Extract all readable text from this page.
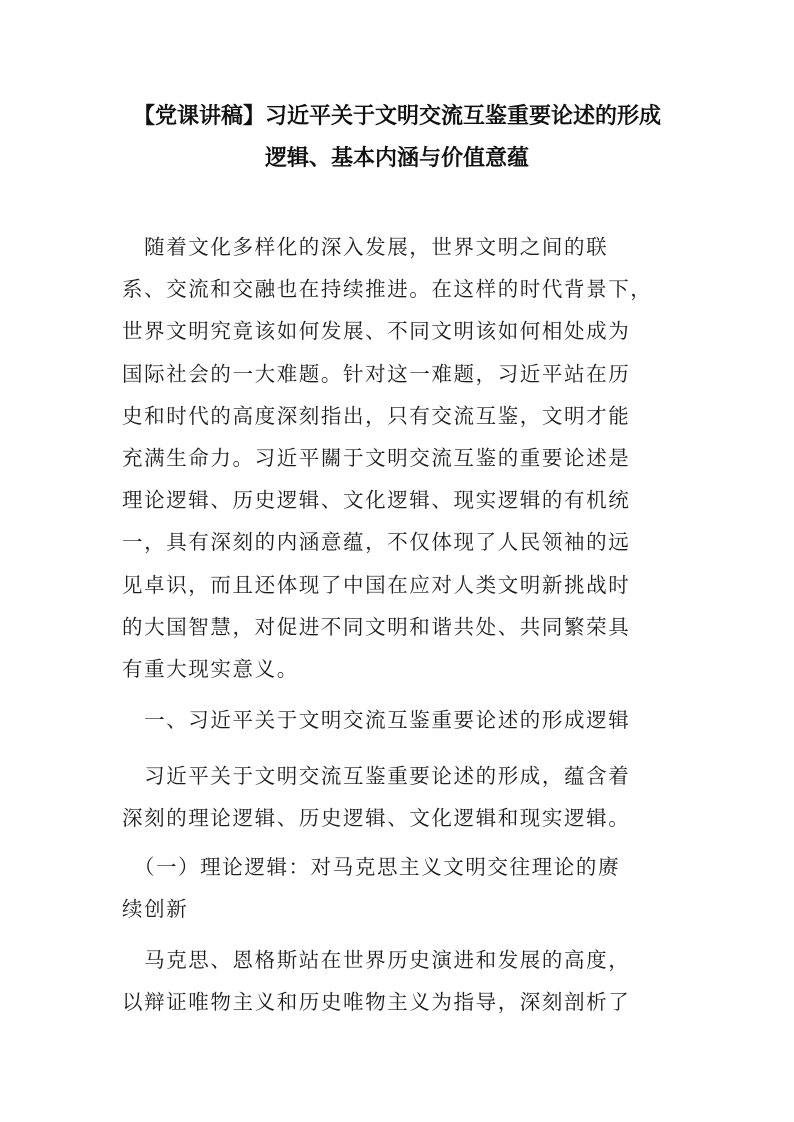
【党课讲稿】习近平关于文明交流互鉴重要论述的形成
逻辑、基本内涵与价值意蕴
　随着文化多样化的深入发展，世界文明之间的联
系、交流和交融也在持续推进。在这样的时代背景下，
世界文明究竟该如何发展、不同文明该如何相处成为
国际社会的一大难题。针对这一难题，习近平站在历
史和时代的高度深刻指出，只有交流互鉴，文明才能
充满生命力。习近平關于文明交流互鉴的重要论述是
理论逻辑、历史逻辑、文化逻辑、现实逻辑的有机统
一，具有深刻的内涵意蕴，不仅体现了人民领袖的远
见卓识，而且还体现了中国在应对人类文明新挑战时
的大国智慧，对促进不同文明和谐共处、共同繁荣具
有重大现实意义。
　一、习近平关于文明交流互鉴重要论述的形成逻辑
　习近平关于文明交流互鉴重要论述的形成，蕴含着
深刻的理论逻辑、历史逻辑、文化逻辑和现实逻辑。
　（一）理论逻辑：对马克思主义文明交往理论的赓
续创新
　马克思、恩格斯站在世界历史演进和发展的高度，
以辩证唯物主义和历史唯物主义为指导，深刻剖析了
